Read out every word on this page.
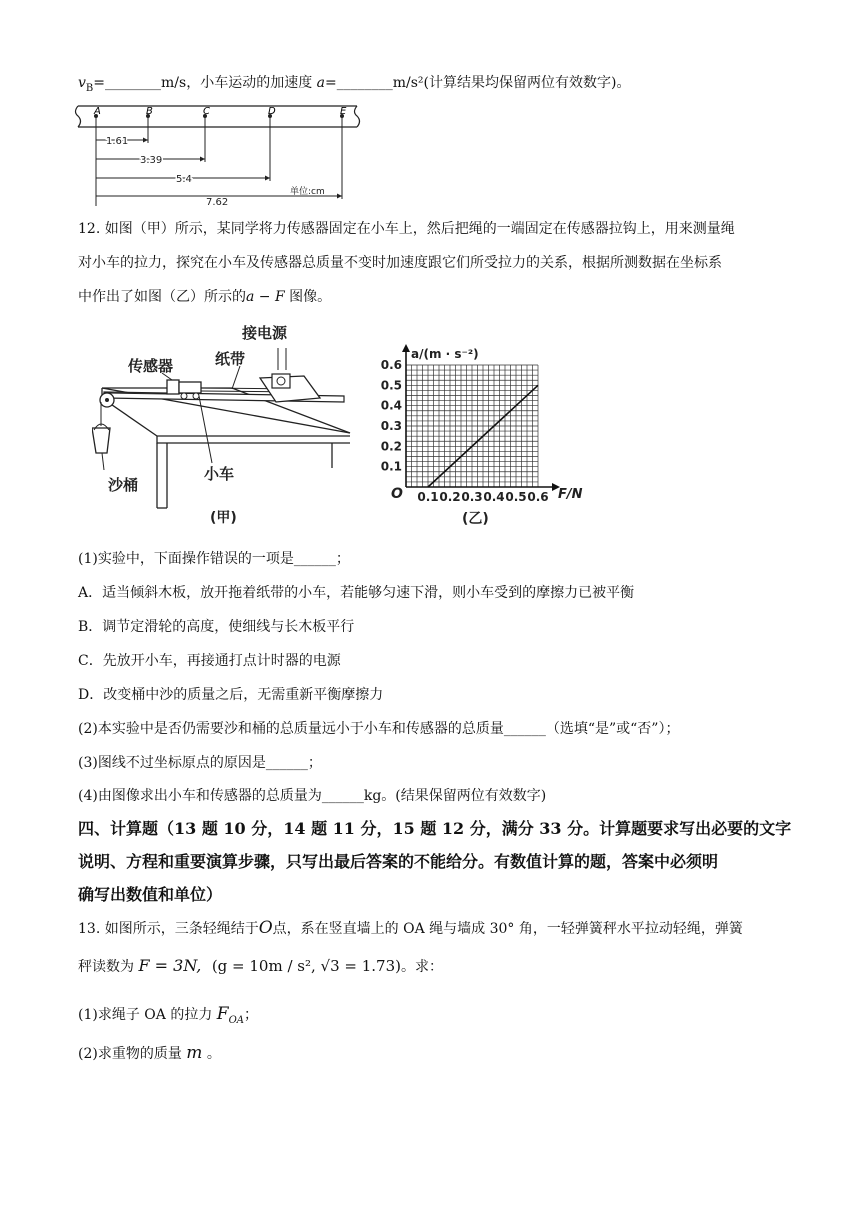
$v_B=\_\_\_\_\_\_\_\_m/s$，小车运动的加速度 a=________m/s²(计算结果均保留两位有效数字)。
A	B	C	D	E
1.61
3.39
5.4
7.62
单位:cm
12. 如图（甲）所示，某同学将力传感器固定在小车上，然后把绳的一端固定在传感器拉钩上，用来测量绳
对小车的拉力，探究在小车及传感器总质量不变时加速度跟它们所受拉力的关系，根据所测数据在坐标系
中作出了如图（乙）所示的a − F 图像。
接电源
传感器	纸带
小车
沙桶
(甲)
0.1
0.2
0.3
0.4
0.5
0.6
0.1 0.2 0.3 0.4 0.5 0.6
O
a/(m · s⁻²)
F/N
(乙)
(1)实验中，下面操作错误的一项是______；
A．适当倾斜木板，放开拖着纸带的小车，若能够匀速下滑，则小车受到的摩擦力已被平衡
B．调节定滑轮的高度，使细线与长木板平行
C．先放开小车，再接通打点计时器的电源
D．改变桶中沙的质量之后，无需重新平衡摩擦力
(2)本实验中是否仍需要沙和桶的总质量远小于小车和传感器的总质量______（选填“是”或“否”）；
(3)图线不过坐标原点的原因是______；
(4)由图像求出小车和传感器的总质量为______kg。(结果保留两位有效数字)
四、计算题（13 题 10 分，14 题 11 分，15 题 12 分，满分 33 分。计算题要求写出必要的文字
说明、方程和重要演算步骤，只写出最后答案的不能给分。有数值计算的题，答案中必须明
确写出数值和单位）
13. 如图所示，三条轻绳结于O点，系在竖直墙上的 OA 绳与墙成 30° 角，一轻弹簧秤水平拉动轻绳，弹簧
秤读数为 F = 3N, (g = 10m / s², √3 = 1.73)。求：
(1)求绳子 OA 的拉力 $F_{OA}$；
(2)求重物的质量 m 。
